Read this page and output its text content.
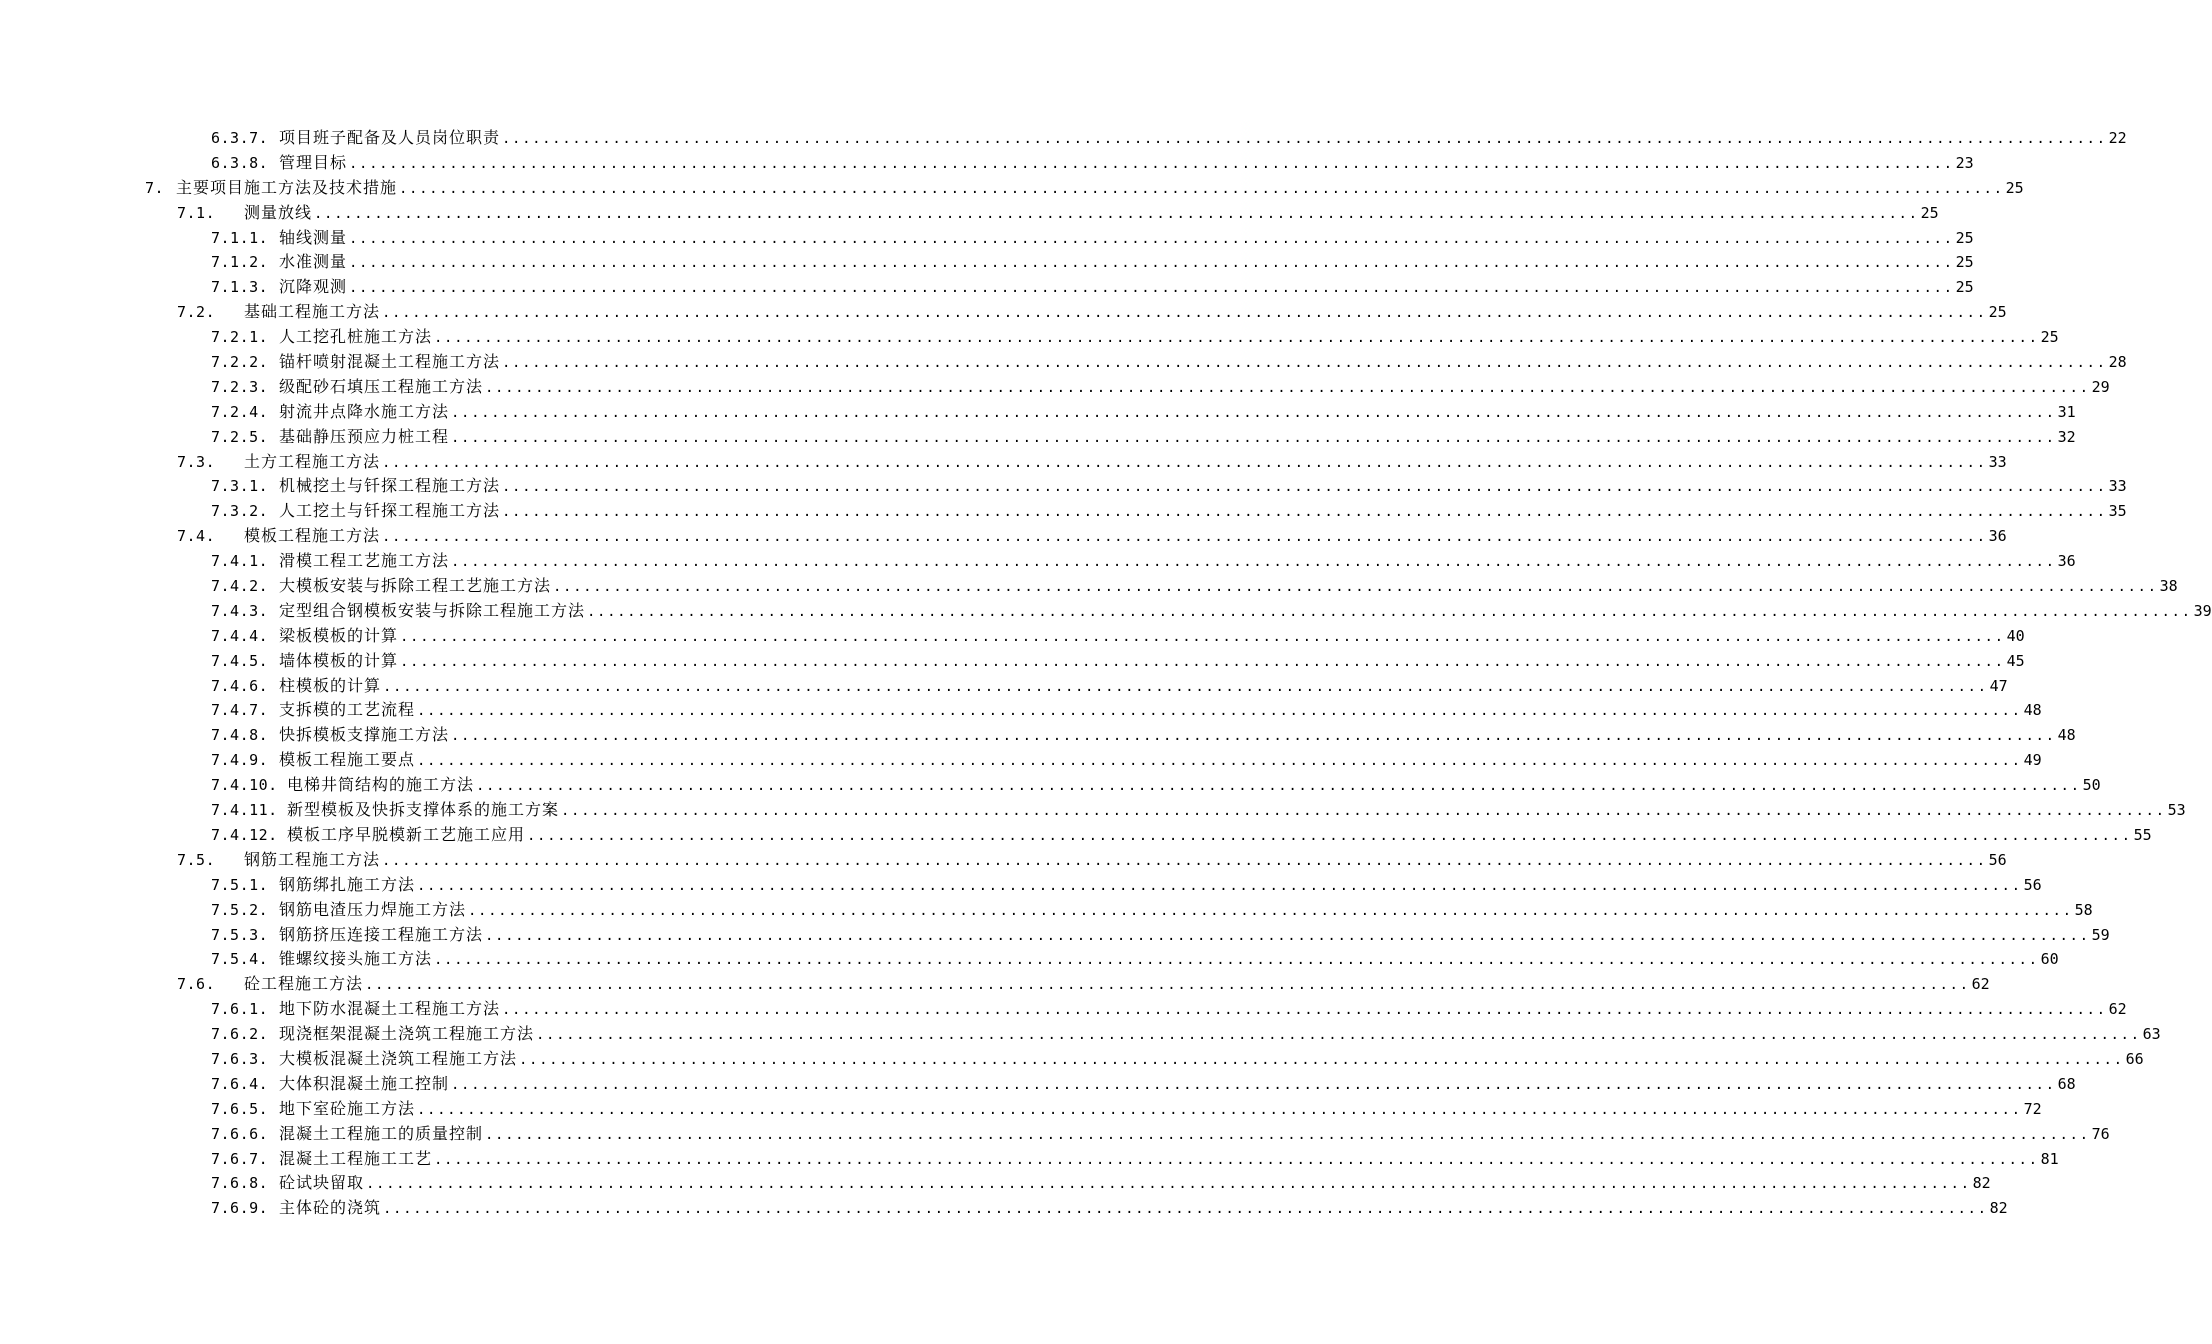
6.3.7. 项目班子配备及人员岗位职责 ................................................................................................................................................................ 22
6.3.8. 管理目标 ................................................................................................................................................................ 23
7. 主要项目施工方法及技术措施 ................................................................................................................................................................ 25
7.1.	测量放线 ................................................................................................................................................................ 25
7.1.1. 轴线测量 ................................................................................................................................................................ 25
7.1.2. 水准测量 ................................................................................................................................................................ 25
7.1.3. 沉降观测 ................................................................................................................................................................ 25
7.2.	基础工程施工方法 ................................................................................................................................................................ 25
7.2.1. 人工挖孔桩施工方法 ................................................................................................................................................................ 25
7.2.2. 锚杆喷射混凝土工程施工方法 ................................................................................................................................................................ 28
7.2.3. 级配砂石填压工程施工方法 ................................................................................................................................................................ 29
7.2.4. 射流井点降水施工方法 ................................................................................................................................................................ 31
7.2.5. 基础静压预应力桩工程 ................................................................................................................................................................ 32
7.3.	土方工程施工方法 ................................................................................................................................................................ 33
7.3.1. 机械挖土与钎探工程施工方法 ................................................................................................................................................................ 33
7.3.2. 人工挖土与钎探工程施工方法 ................................................................................................................................................................ 35
7.4.	模板工程施工方法 ................................................................................................................................................................ 36
7.4.1. 滑模工程工艺施工方法 ................................................................................................................................................................ 36
7.4.2. 大模板安装与拆除工程工艺施工方法 ................................................................................................................................................................ 38
7.4.3. 定型组合钢模板安装与拆除工程施工方法 ................................................................................................................................................................ 39
7.4.4. 梁板模板的计算 ................................................................................................................................................................ 40
7.4.5. 墙体模板的计算 ................................................................................................................................................................ 45
7.4.6. 柱模板的计算 ................................................................................................................................................................ 47
7.4.7. 支拆模的工艺流程 ................................................................................................................................................................ 48
7.4.8. 快拆模板支撑施工方法 ................................................................................................................................................................ 48
7.4.9. 模板工程施工要点 ................................................................................................................................................................ 49
7.4.10. 电梯井筒结构的施工方法 ................................................................................................................................................................ 50
7.4.11. 新型模板及快拆支撑体系的施工方案 ................................................................................................................................................................ 53
7.4.12. 模板工序早脱模新工艺施工应用 ................................................................................................................................................................ 55
7.5.	钢筋工程施工方法 ................................................................................................................................................................ 56
7.5.1. 钢筋绑扎施工方法 ................................................................................................................................................................ 56
7.5.2. 钢筋电渣压力焊施工方法 ................................................................................................................................................................ 58
7.5.3. 钢筋挤压连接工程施工方法 ................................................................................................................................................................ 59
7.5.4. 锥螺纹接头施工方法 ................................................................................................................................................................ 60
7.6.	砼工程施工方法 ................................................................................................................................................................ 62
7.6.1. 地下防水混凝土工程施工方法 ................................................................................................................................................................ 62
7.6.2. 现浇框架混凝土浇筑工程施工方法 ................................................................................................................................................................ 63
7.6.3. 大模板混凝土浇筑工程施工方法 ................................................................................................................................................................ 66
7.6.4. 大体积混凝土施工控制 ................................................................................................................................................................ 68
7.6.5. 地下室砼施工方法 ................................................................................................................................................................ 72
7.6.6. 混凝土工程施工的质量控制 ................................................................................................................................................................ 76
7.6.7. 混凝土工程施工工艺 ................................................................................................................................................................ 81
7.6.8. 砼试块留取 ................................................................................................................................................................ 82
7.6.9. 主体砼的浇筑 ................................................................................................................................................................ 82
